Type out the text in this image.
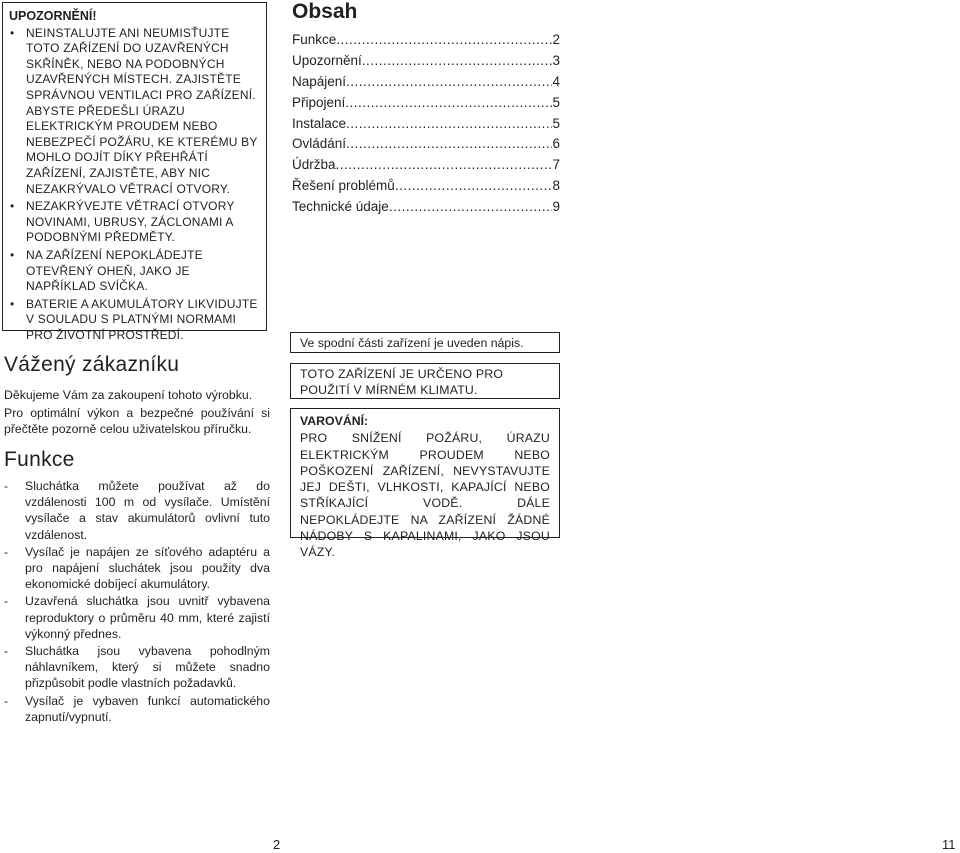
UPOZORNĚNÍ!
• NEINSTALUJTE ANI NEUMISŤUJTE TOTO ZAŘÍZENÍ DO UZAVŘENÝCH SKŘÍNĚK, NEBO NA PODOBNÝCH UZAVŘENÝCH MÍSTECH. ZAJISTĚTE SPRÁVNOU VENTILACI PRO ZAŘÍZENÍ. ABYSTE PŘEDEŠLI ÚRAZU ELEKTRICKÝM PROUDEM NEBO NEBEZPEČÍ POŽÁRU, KE KTERÉMU BY MOHLO DOJÍT DÍKY PŘEHŘÁTÍ ZAŘÍZENÍ, ZAJISTĚTE, ABY NIC NEZAKRÝVALO VĚTRACÍ OTVORY.
• NEZAKRÝVEJTE VĚTRACÍ OTVORY NOVINAMI, UBRUSY, ZÁCLONAMI A PODOBNÝMI PŘEDMĚTY.
• NA ZAŘÍZENÍ NEPOKLÁDEJTE OTEVŘENÝ OHEŇ, JAKO JE NAPŘÍKLAD SVÍČKA.
• BATERIE A AKUMULÁTORY LIKVIDUJTE V SOULADU S PLATNÝMI NORMAMI PRO ŽIVOTNÍ PROSTŘEDÍ.
Vážený zákazníku

Děkujeme Vám za zakoupení tohoto výrobku.

Pro optimální výkon a bezpečné používání si přečtěte pozorně celou uživatelskou příručku.

Funkce
- Sluchátka můžete používat až do vzdálenosti 100 m od vysílače. Umístění vysílače a stav akumulátorů ovlivní tuto vzdálenost.
- Vysílač je napájen ze síťového adaptéru a pro napájení sluchátek jsou použity dva ekonomické dobíjecí akumulátory.
- Uzavřená sluchátka jsou uvnitř vybavena reproduktory o průměru 40 mm, které zajistí výkonný přednes.
- Sluchátka jsou vybavena pohodlným náhlavníkem, který si můžete snadno přizpůsobit podle vlastních požadavků.
- Vysílač je vybaven funkcí automatického zapnutí/vypnutí.
Obsah
Funkce .....	2
Upozornění .....	3
Napájení .....	4
Připojení .....	5
Instalace .....	5
Ovládání .....	6
Údržba .....	7
Řešení problémů .....	8
Technické údaje .....	9
Ve spodní části zařízení je uveden nápis.
TOTO ZAŘÍZENÍ JE URČENO PRO POUŽITÍ V MÍRNÉM KLIMATU.
VAROVÁNÍ:
PRO SNÍŽENÍ POŽÁRU, ÚRAZU ELEKTRICKÝM PROUDEM NEBO POŠKOZENÍ ZAŘÍZENÍ, NEVYSTAVUJTE JEJ DEŠTI, VLHKOSTI, KAPAJÍCÍ NEBO STŘÍKAJÍCÍ VODĚ. DÁLE NEPOKLÁDEJTE NA ZAŘÍZENÍ ŽÁDNÉ NÁDOBY S KAPALINAMI, JAKO JSOU VÁZY.
2	11
